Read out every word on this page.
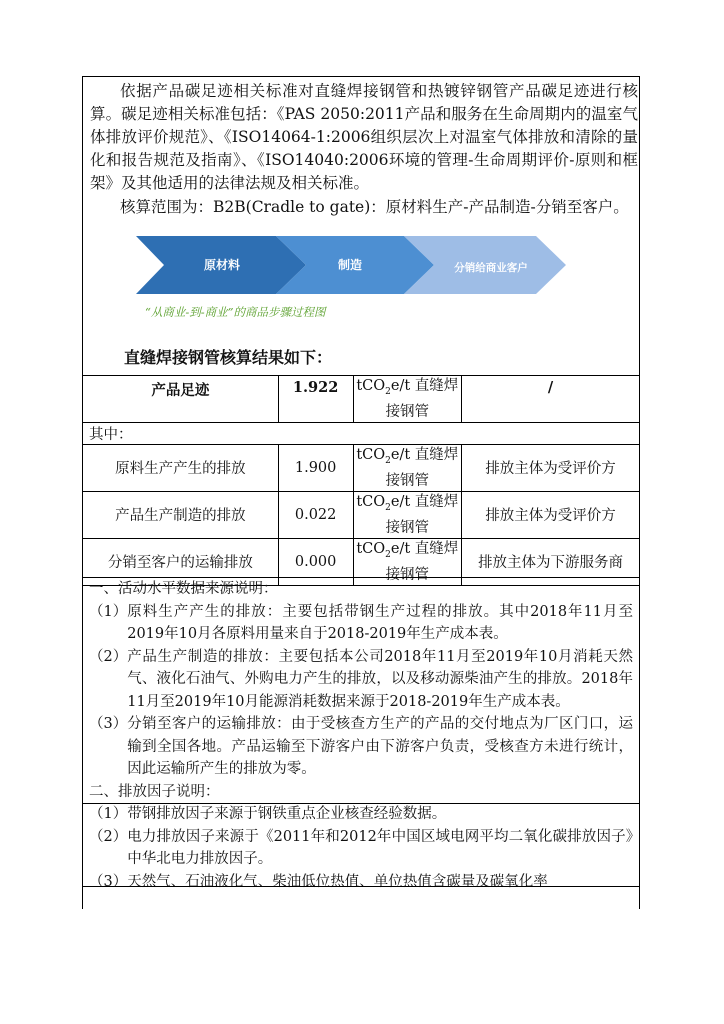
依据产品碳足迹相关标准对直缝焊接钢管和热镀锌钢管产品碳足迹进行核算。碳足迹相关标准包括：《PAS 2050:2011产品和服务在生命周期内的温室气体排放评价规范》、《ISO14064-1:2006组织层次上对温室气体排放和清除的量化和报告规范及指南》、《ISO14040:2006环境的管理-生命周期评价-原则和框架》及其他适用的法律法规及相关标准。
核算范围为：B2B(Cradle to gate)：原材料生产-产品制造-分销至客户。
原材料	制造	分销给商业客户
“从商业-到-商业”的商品步骤过程图
直缝焊接钢管核算结果如下：
产品足迹	1.922	tCO$_2$e/t 直缝焊接钢管	/
其中：			
原料生产产生的排放	1.900	tCO$_2$e/t 直缝焊接钢管	排放主体为受评价方
产品生产制造的排放	0.022	tCO$_2$e/t 直缝焊接钢管	排放主体为受评价方
分销至客户的运输排放	0.000	tCO$_2$e/t 直缝焊接钢管	排放主体为下游服务商
一、活动水平数据来源说明：
（1） 原料生产产生的排放：主要包括带钢生产过程的排放。其中2018年11月至2019年10月各原料用量来自于2018-2019年生产成本表。
（2） 产品生产制造的排放：主要包括本公司2018年11月至2019年10月消耗天然气、液化石油气、外购电力产生的排放，以及移动源柴油产生的排放。2018年11月至2019年10月能源消耗数据来源于2018-2019年生产成本表。
（3） 分销至客户的运输排放：由于受核查方生产的产品的交付地点为厂区门口，运输到全国各地。产品运输至下游客户由下游客户负责，受核查方未进行统计，因此运输所产生的排放为零。
二、排放因子说明：
（1） 带钢排放因子来源于钢铁重点企业核查经验数据。
（2） 电力排放因子来源于《2011年和2012年中国区域电网平均二氧化碳排放因子》中华北电力排放因子。
（3） 天然气、石油液化气、柴油低位热值、单位热值含碳量及碳氧化率
